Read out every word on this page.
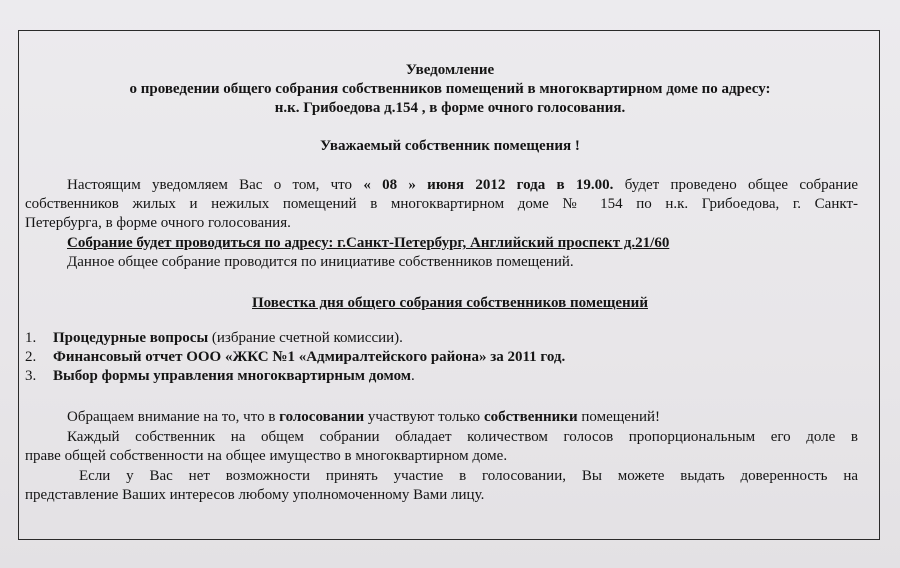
Уведомление
о проведении общего собрания собственников помещений в многоквартирном доме по адресу:
н.к. Грибоедова д.154 , в форме очного голосования.
Уважаемый собственник помещения !
Настоящим уведомляем Вас о том, что « 08 » июня 2012 года в 19.00. будет проведено общее собрание
собственников жилых и нежилых помещений в многоквартирном доме № 154 по н.к. Грибоедова, г. Санкт-
Петербурга, в форме очного голосования.
Собрание будет проводиться по адресу: г.Санкт-Петербург, Английский проспект д.21/60
Данное общее собрание проводится по инициативе собственников помещений.
Повестка дня общего собрания собственников помещений
1. Процедурные вопросы (избрание счетной комиссии).
2. Финансовый отчет ООО «ЖКС №1 «Адмиралтейского района» за 2011 год.
3. Выбор формы управления многоквартирным домом.
Обращаем внимание на то, что в голосовании участвуют только собственники помещений!
Каждый собственник на общем собрании обладает количеством голосов пропорциональным его доле в
праве общей собственности на общее имущество в многоквартирном доме.
Если у Вас нет возможности принять участие в голосовании, Вы можете выдать доверенность на
представление Ваших интересов любому уполномоченному Вами лицу.
